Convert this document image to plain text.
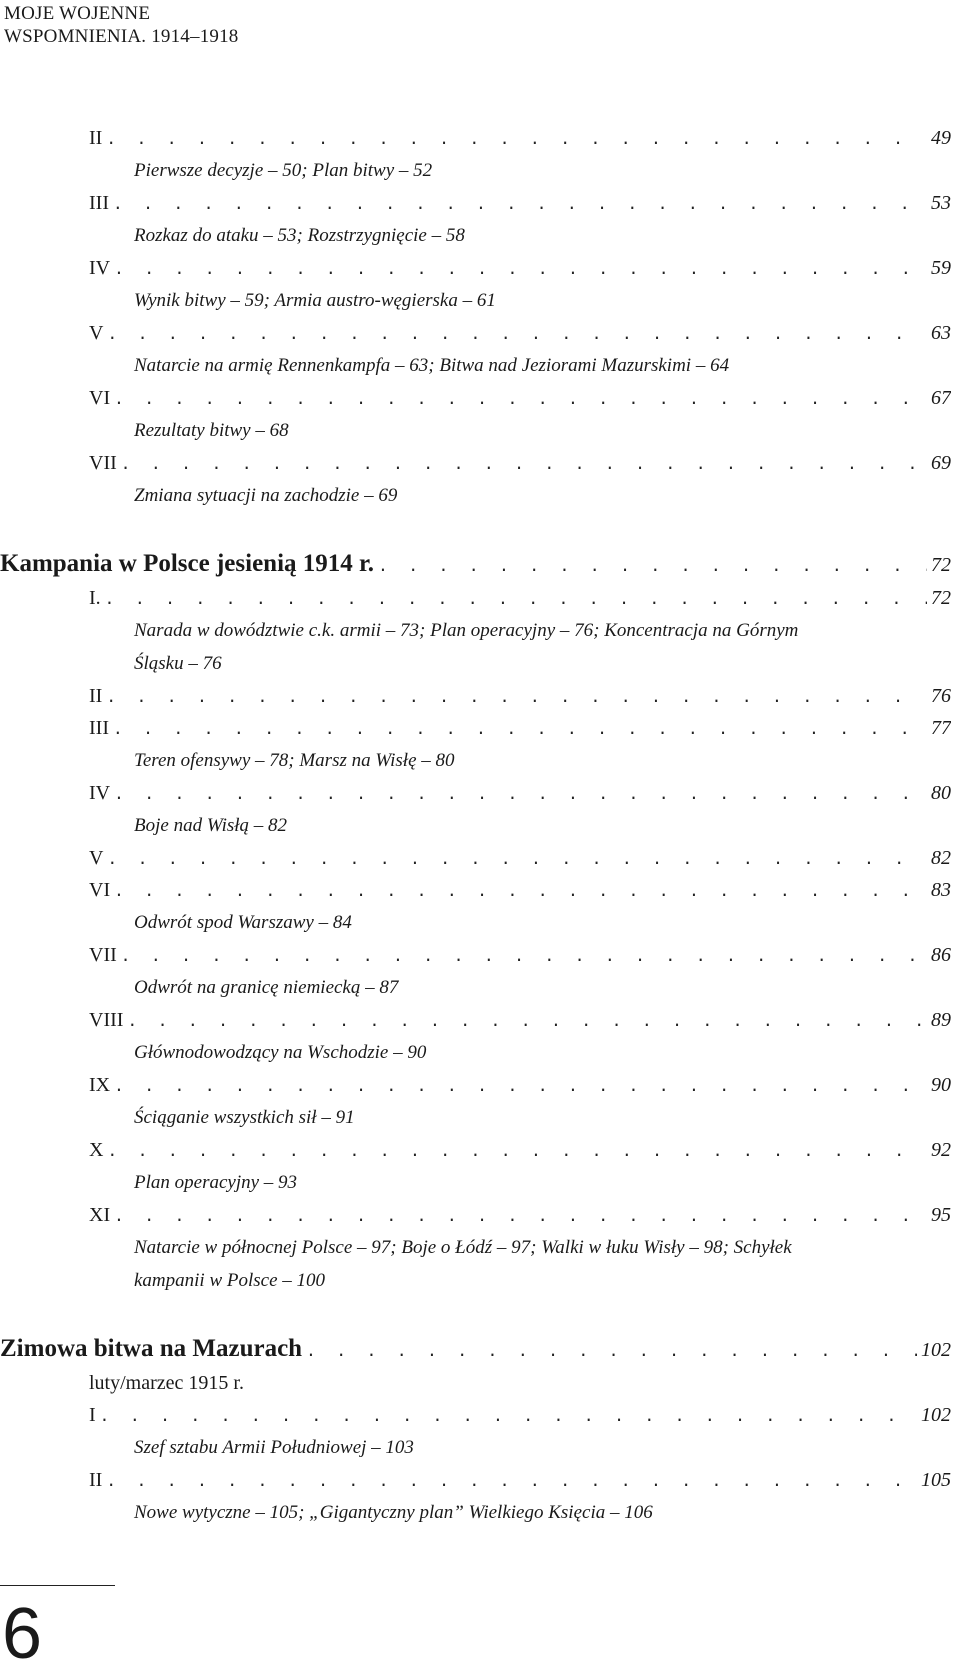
MOJE WOJENNE
WSPOMNIENIA. 1914–1918
II . . .	49
Pierwsze decyzje – 50; Plan bitwy – 52
III . . .	53
Rozkaz do ataku – 53; Rozstrzygnięcie – 58
IV . . .	59
Wynik bitwy – 59; Armia austro-węgierska – 61
V . . .	63
Natarcie na armię Rennenkampfa – 63; Bitwa nad Jeziorami Mazurskimi – 64
VI . . .	67
Rezultaty bitwy – 68
VII . . .	69
Zmiana sytuacji na zachodzie – 69
Kampania w Polsce jesienią 1914 r. . . .	72
I. . . .	72
Narada w dowództwie c.k. armii – 73; Plan operacyjny – 76; Koncentracja na Górnym Śląsku – 76
II . . .	76
III . . .	77
Teren ofensywy – 78; Marsz na Wisłę – 80
IV . . .	80
Boje nad Wisłą – 82
V . . .	82
VI . . .	83
Odwrót spod Warszawy – 84
VII . . .	86
Odwrót na granicę niemiecką – 87
VIII . . .	89
Głównodowodzący na Wschodzie – 90
IX . . .	90
Ściąganie wszystkich sił – 91
X . . .	92
Plan operacyjny – 93
XI . . .	95
Natarcie w północnej Polsce – 97; Boje o Łódź – 97; Walki w łuku Wisły – 98; Schyłek kampanii w Polsce – 100
Zimowa bitwa na Mazurach . . .	102
luty/marzec 1915 r.
I . . .	102
Szef sztabu Armii Południowej – 103
II . . .	105
Nowe wytyczne – 105; „Gigantyczny plan” Wielkiego Księcia – 106
6
